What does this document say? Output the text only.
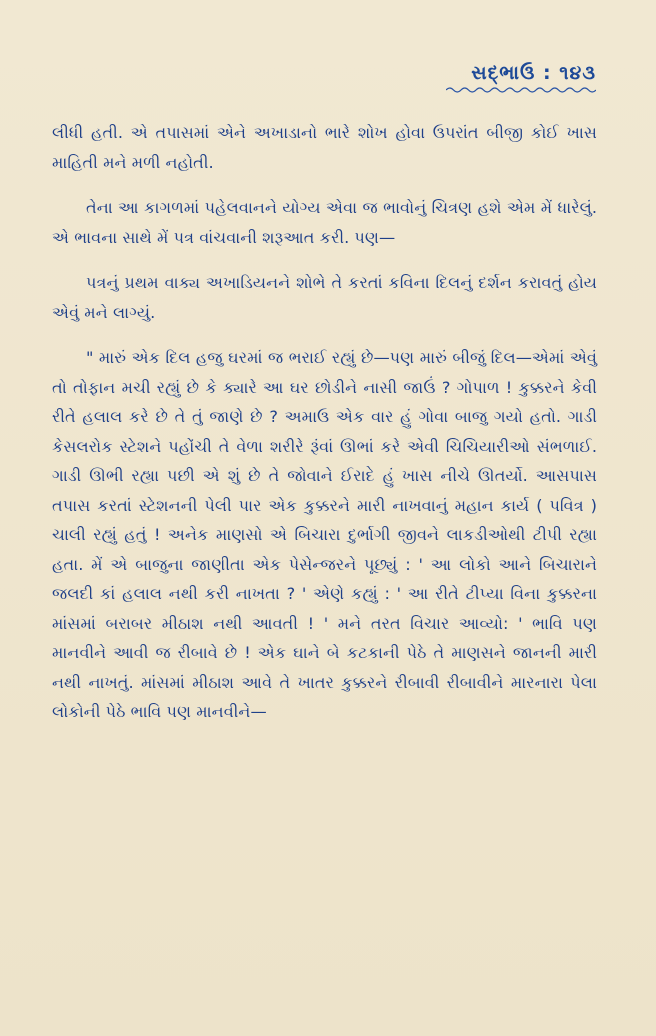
સદ્ભાઉ : ૧૪૩

લીધી હતી. એ તપાસમાં એને અખાડાનો ભારે શોખ હોવા ઉપરાંત બીજી કોઈ ખાસ માહિતી મને મળી નહોતી.

તેના આ કાગળમાં પહેલવાનને યોગ્ય એવા જ ભાવોનું ચિત્રણ હશે એમ મેં ધારેલું. એ ભાવના સાથે મેં પત્ર વાંચવાની શરૂઆત કરી. પણ—

પત્રનું પ્રથમ વાક્ય અખાડિયનને શોભે તે કરતાં કવિના દિલનું દર્શન કરાવતું હોય એવું મને લાગ્યું.

" મારું એક દિલ હજુ ઘરમાં જ ભરાઈ રહ્યું છે—પણ મારું બીજું દિલ—એમાં એવું તો તોફાન મચી રહ્યું છે કે ક્યારે આ ઘર છોડીને નાસી જાઉં ? ગોપાળ ! કુક્કરને કેવી રીતે હલાલ કરે છે તે તું જાણે છે ? અમાઉ એક વાર હું ગોવા બાજુ ગયો હતો. ગાડી કેસલરોક સ્ટેશને પહોંચી તે વેળા શરીરે રૂંવાં ઊભાં કરે એવી ચિચિયારીઓ સંભળાઈ. ગાડી ઊભી રહ્યા પછી એ શું છે તે જોવાને ઈરાદે હું ખાસ નીચે ઊતર્યો. આસપાસ તપાસ કરતાં સ્ટેશનની પેલી પાર એક કુક્કરને મારી નાખવાનું મહાન કાર્ય ( પવિત્ર ) ચાલી રહ્યું હતું ! અનેક માણસો એ બિચારા દુર્ભાગી જીવને લાકડીઓથી ટીપી રહ્યા હતા. મેં એ બાજુના જાણીતા એક પેસેન્જરને પૂછ્યું : ' આ લોકો આને બિચારાને જલદી કાં હલાલ નથી કરી નાખતા ? ' એણે કહ્યું : ' આ રીતે ટીપ્યા વિના કુક્કરના માંસમાં બરાબર મીઠાશ નથી આવતી ! ' મને તરત વિચાર આવ્યો: ' ભાવિ પણ માનવીને આવી જ રીબાવે છે ! એક ઘાને બે કટકાની પેઠે તે માણસને જાનની મારી નથી નાખતું. માંસમાં મીઠાશ આવે તે ખાતર કુક્કરને રીબાવી રીબાવીને મારનારા પેલા લોકોની પેઠે ભાવિ પણ માનવીને—
